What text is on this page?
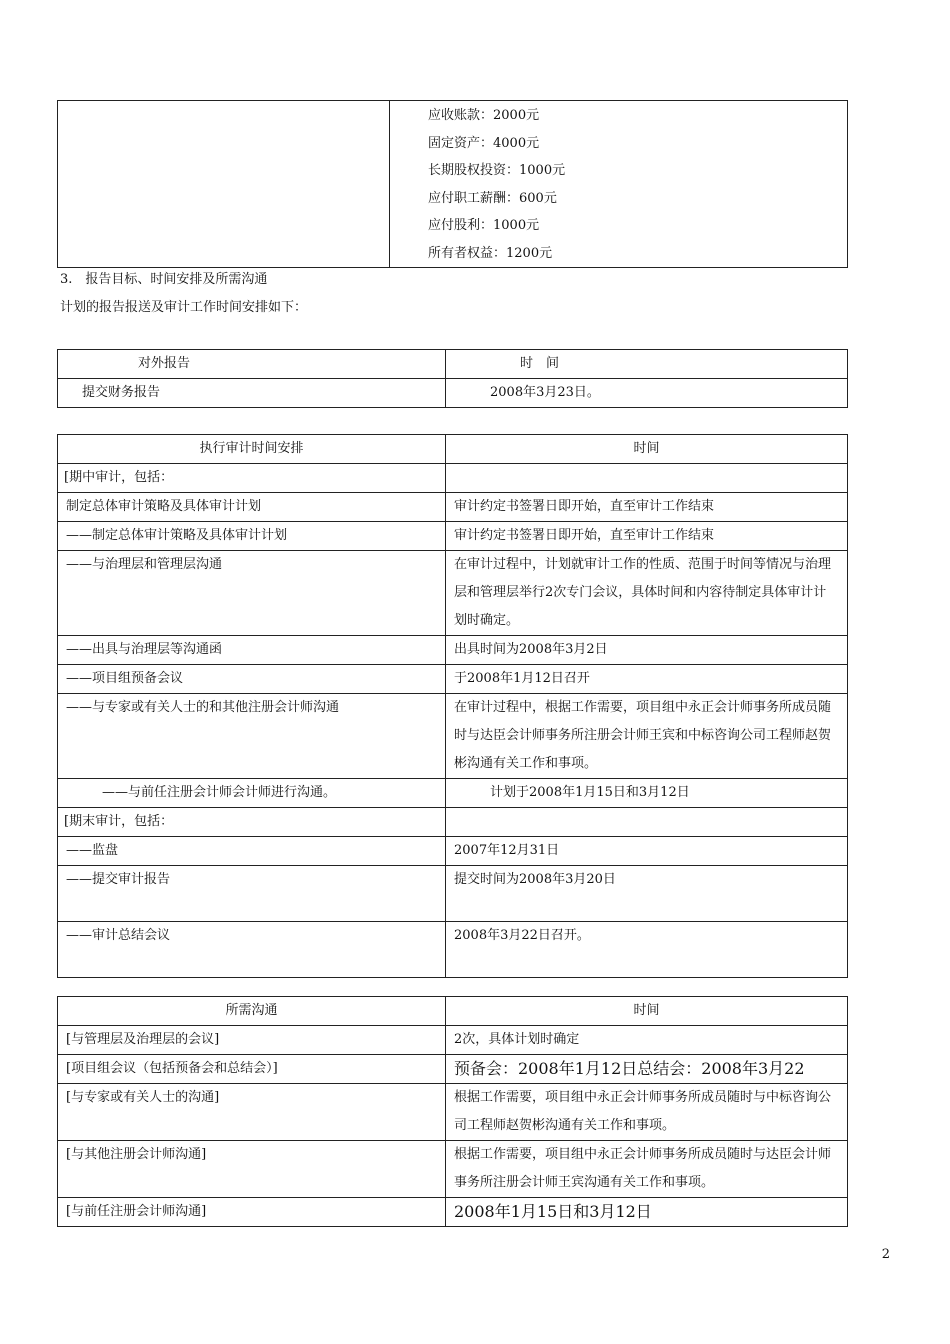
应收账款：2000元
固定资产：4000元
长期股权投资：1000元
应付职工薪酬：600元
应付股利：1000元
所有者权益：1200元
3.　报告目标、时间安排及所需沟通
计划的报告报送及审计工作时间安排如下：
对外报告	时　间
提交财务报告	2008年3月23日。
执行审计时间安排	时间
[期中审计，包括：	
制定总体审计策略及具体审计计划	审计约定书签署日即开始，直至审计工作结束
——制定总体审计策略及具体审计计划	审计约定书签署日即开始，直至审计工作结束
——与治理层和管理层沟通	在审计过程中，计划就审计工作的性质、范围于时间等情况与治理层和管理层举行2次专门会议，具体时间和内容待制定具体审计计划时确定。
——出具与治理层等沟通函	出具时间为2008年3月2日
——项目组预备会议	于2008年1月12日召开
——与专家或有关人士的和其他注册会计师沟通	在审计过程中，根据工作需要，项目组中永正会计师事务所成员随时与达臣会计师事务所注册会计师王宾和中标咨询公司工程师赵贺彬沟通有关工作和事项。
——与前任注册会计师会计师进行沟通。	计划于2008年1月15日和3月12日
[期末审计，包括：	
——监盘	2007年12月31日
——提交审计报告	提交时间为2008年3月20日
——审计总结会议	2008年3月22日召开。
所需沟通	时间
[与管理层及治理层的会议]	2次，具体计划时确定
[项目组会议（包括预备会和总结会）]	预备会：2008年1月12日总结会：2008年3月22
[与专家或有关人士的沟通]	根据工作需要，项目组中永正会计师事务所成员随时与中标咨询公司工程师赵贺彬沟通有关工作和事项。
[与其他注册会计师沟通]	根据工作需要，项目组中永正会计师事务所成员随时与达臣会计师事务所注册会计师王宾沟通有关工作和事项。
[与前任注册会计师沟通]	2008年1月15日和3月12日
2
